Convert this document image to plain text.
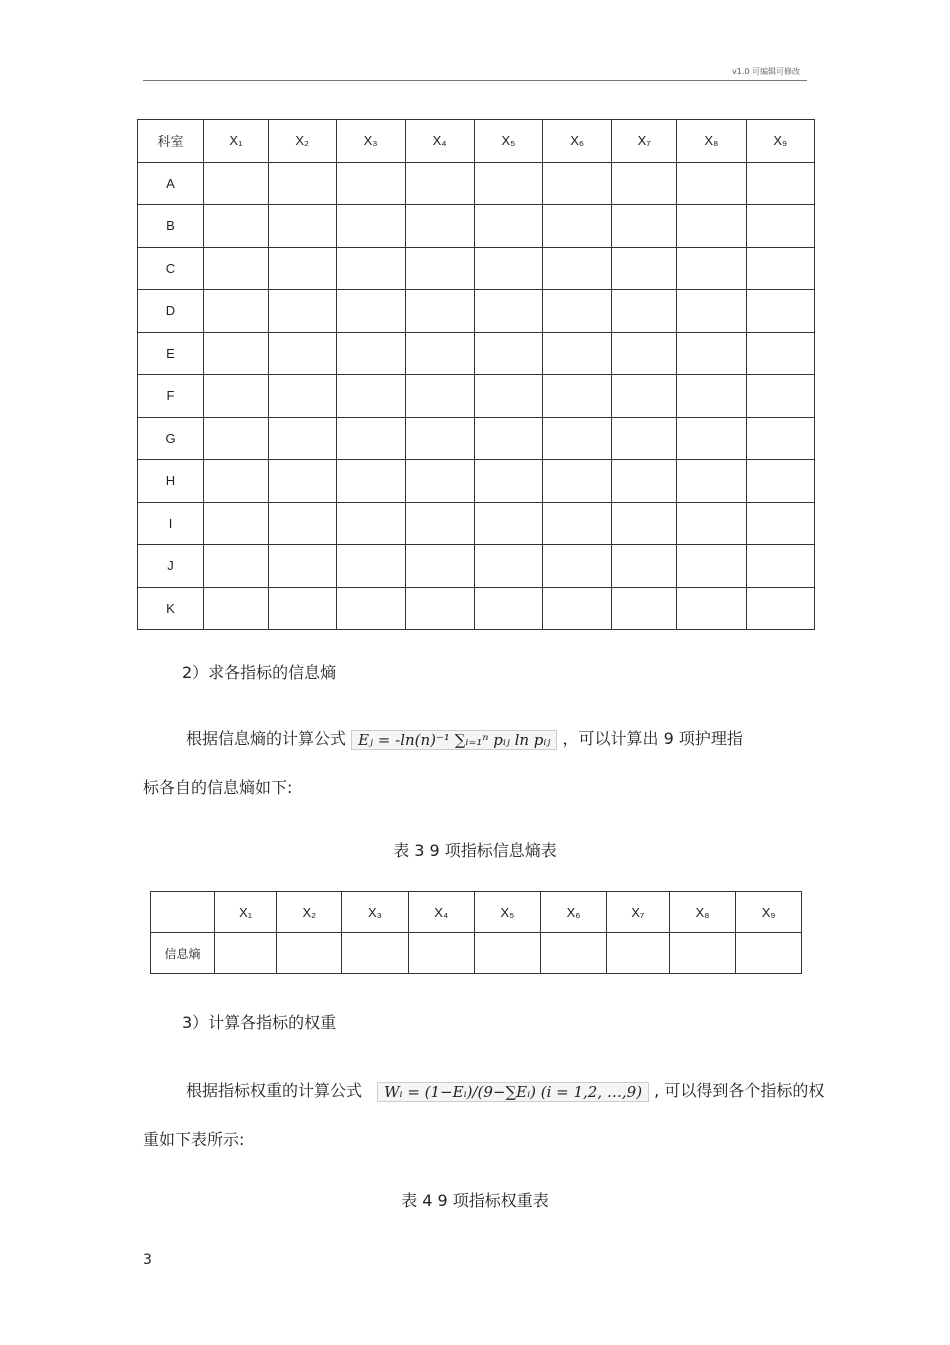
v1.0 可编辑可修改
科室	X₁	X₂	X₃	X₄	X₅	X₆	X₇	X₈	X₉
A									
B									
C									
D									
E									
F									
G									
H									
I									
J									
K									
2）求各指标的信息熵
根据信息熵的计算公式 Eⱼ = -ln(n)⁻¹ ∑ᵢ₌₁ⁿ pᵢⱼ ln pᵢⱼ ，可以计算出 9 项护理指
标各自的信息熵如下:
表 3 9 项指标信息熵表
	X₁	X₂	X₃	X₄	X₅	X₆	X₇	X₈	X₉
信息熵									
3）计算各指标的权重
根据指标权重的计算公式 Wᵢ = (1−Eᵢ)/(9−∑Eᵢ) (i = 1,2, …,9) , 可以得到各个指标的权
重如下表所示:
表 4 9 项指标权重表
3
